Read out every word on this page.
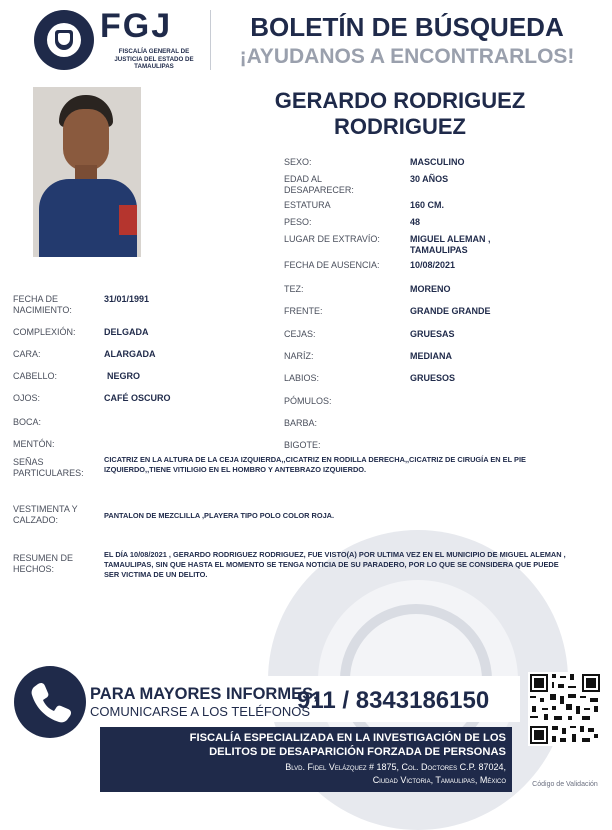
FGJ
FISCALÍA GENERAL DE JUSTICIA DEL ESTADO DE TAMAULIPAS
BOLETÍN DE BÚSQUEDA
¡AYUDANOS A ENCONTRARLOS!
GERARDO RODRIGUEZ
RODRIGUEZ
SEXO:	MASCULINO
EDAD AL DESAPARECER:
30 AÑOS
ESTATURA	160 CM.
PESO:	48
LUGAR DE EXTRAVÍO:	MIGUEL ALEMAN , TAMAULIPAS
FECHA DE AUSENCIA:	10/08/2021
TEZ:	MORENO
FRENTE:	GRANDE GRANDE
CEJAS:	GRUESAS
NARÍZ:	MEDIANA
LABIOS:	GRUESOS
PÓMULOS:
BARBA:
BIGOTE:
FECHA DE NACIMIENTO:
31/01/1991
COMPLEXIÓN:	DELGADA
CARA:	ALARGADA
CABELLO:	NEGRO
OJOS:	CAFÉ OSCURO
BOCA:
MENTÓN:
SEÑAS PARTICULARES:
CICATRIZ EN LA ALTURA DE LA CEJA IZQUIERDA,,CICATRIZ EN RODILLA DERECHA,,CICATRIZ DE CIRUGÍA EN EL PIE IZQUIERDO,,TIENE VITILIGIO EN EL HOMBRO Y ANTEBRAZO IZQUIERDO.
VESTIMENTA Y CALZADO:	PANTALON DE MEZCLILLA ,PLAYERA TIPO POLO COLOR ROJA.
RESUMEN DE HECHOS:
EL DÍA 10/08/2021 , GERARDO RODRIGUEZ RODRIGUEZ, FUE VISTO(A) POR ULTIMA VEZ EN EL MUNICIPIO DE MIGUEL ALEMAN , TAMAULIPAS, SIN QUE HASTA EL MOMENTO SE TENGA NOTICIA DE SU PARADERO, POR LO QUE SE CONSIDERA QUE PUEDE SER VICTIMA DE UN DELITO.
PARA MAYORES INFORMES,
COMUNICARSE A LOS TELÉFONOS
911 / 8343186150
FISCALÍA ESPECIALIZADA EN LA INVESTIGACIÓN DE LOS
DELITOS DE DESAPARICIÓN FORZADA DE PERSONAS
Blvd. Fidel Velázquez # 1875, Col. Doctores C.P. 87024,
Ciudad Victoria, Tamaulipas, México	Código de Validación
